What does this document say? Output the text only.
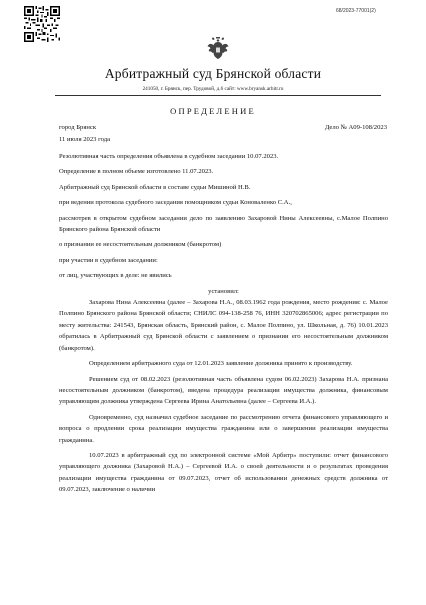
68/2023-77001(2)
Арбитражный суд Брянской области
241050, г. Брянск, пер. Трудовой, д.6 сайт: www.bryansk.arbitr.ru
ОПРЕДЕЛЕНИЕ
город Брянск	Дело № А09-108/2023
11 июля 2023 года

Резолютивная часть определения объявлена в судебном заседании 10.07.2023.

Определение в полном объеме изготовлено 11.07.2023.

Арбитражный суд Брянской области в составе судьи Мишиной Н.В.

при ведении протокола судебного заседания помощником судьи Коноваленко С.А.,

рассмотрев в открытом судебном заседании дело по заявлению Захаровой Нины Алексеевны, с.Малое Полпино Брянского района Брянской области

о признании ее несостоятельным должником (банкротом)

при участии в судебном заседании:

от лиц, участвующих в деле: не явились

установил:

Захарова Нина Алексеевна (далее – Захарова Н.А., 08.03.1962 года рождения, место рождения: с. Малое Полпино Брянского района Брянской области; СНИЛС 094-138-258 76, ИНН 320702865006; адрес регистрации по месту жительства: 241543, Брянская область, Брянский район, с. Малое Полпино, ул. Школьная, д. 76) 10.01.2023 обратилась в Арбитражный суд Брянской области с заявлением о признании его несостоятельным должником (банкротом).

Определением арбитражного суда от 12.01.2023 заявление должника принято к производству.

Решением суд от 08.02.2023 (резолютивная часть объявлена судом 06.02.2023) Захарова Н.А. признана несостоятельным должником (банкротом), введена процедура реализации имущества должника, финансовым управляющим должника утверждена Сергеева Ирина Анатольевна (далее – Сергеева И.А.).

Одновременно, суд назначил судебное заседание по рассмотрению отчета финансового управляющего и вопроса о продлении срока реализации имущества гражданина или о завершении реализации имущества гражданина.

10.07.2023 в арбитражный суд по электронной системе «Мой Арбитр» поступили: отчет финансового управляющего должника (Захаровой Н.А.) – Сергеевой И.А. о своей деятельности и о результатах проведения реализации имущества гражданина от 09.07.2023, отчет об использовании денежных средств должника от 09.07.2023, заключение о наличии
